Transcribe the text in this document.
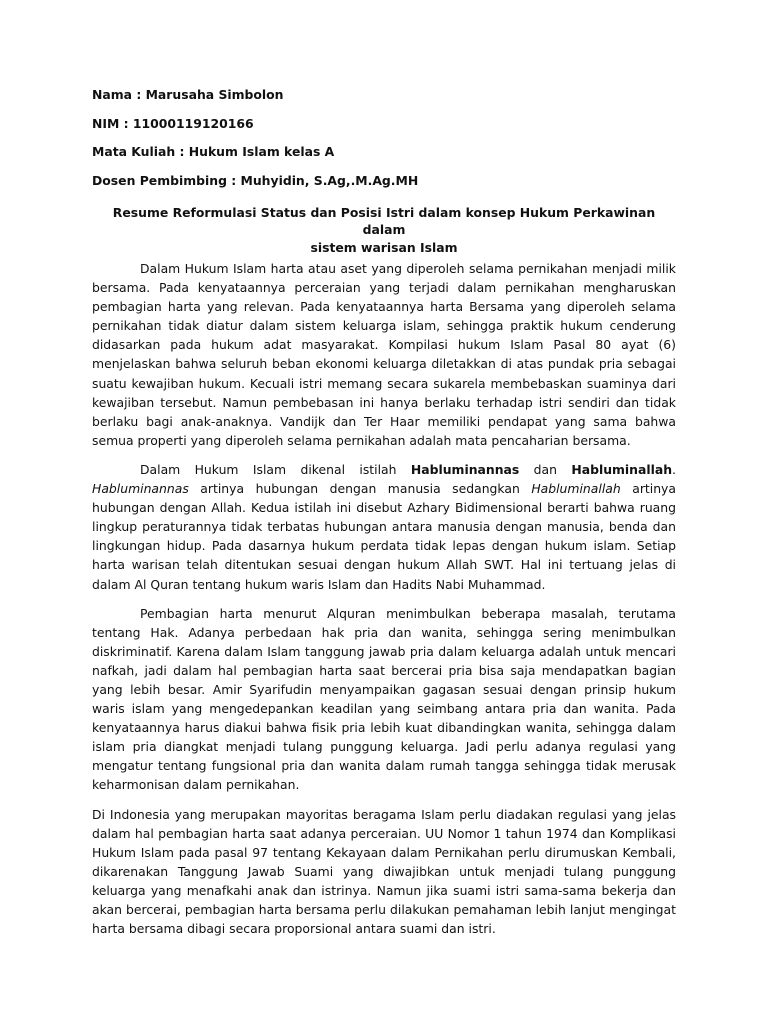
Nama : Marusaha Simbolon
NIM : 11000119120166
Mata Kuliah : Hukum Islam kelas A
Dosen Pembimbing : Muhyidin, S.Ag,.M.Ag.MH
Resume Reformulasi Status dan Posisi Istri dalam konsep Hukum Perkawinan dalam
sistem warisan Islam

Dalam Hukum Islam harta atau aset yang diperoleh selama pernikahan menjadi milik bersama. Pada kenyataannya perceraian yang terjadi dalam pernikahan mengharuskan pembagian harta yang relevan. Pada kenyataannya harta Bersama yang diperoleh selama pernikahan tidak diatur dalam sistem keluarga islam, sehingga praktik hukum cenderung didasarkan pada hukum adat masyarakat. Kompilasi hukum Islam Pasal 80 ayat (6) menjelaskan bahwa seluruh beban ekonomi keluarga diletakkan di atas pundak pria sebagai suatu kewajiban hukum. Kecuali istri memang secara sukarela membebaskan suaminya dari kewajiban tersebut. Namun pembebasan ini hanya berlaku terhadap istri sendiri dan tidak berlaku bagi anak-anaknya. Vandijk dan Ter Haar memiliki pendapat yang sama bahwa semua properti yang diperoleh selama pernikahan adalah mata pencaharian bersama.

Dalam Hukum Islam dikenal istilah Habluminannas dan Habluminallah. Habluminannas artinya hubungan dengan manusia sedangkan Habluminallah artinya hubungan dengan Allah. Kedua istilah ini disebut Azhary Bidimensional berarti bahwa ruang lingkup peraturannya tidak terbatas hubungan antara manusia dengan manusia, benda dan lingkungan hidup. Pada dasarnya hukum perdata tidak lepas dengan hukum islam. Setiap harta warisan telah ditentukan sesuai dengan hukum Allah SWT. Hal ini tertuang jelas di dalam Al Quran tentang hukum waris Islam dan Hadits Nabi Muhammad.

Pembagian harta menurut Alquran menimbulkan beberapa masalah, terutama tentang Hak. Adanya perbedaan hak pria dan wanita, sehingga sering menimbulkan diskriminatif. Karena dalam Islam tanggung jawab pria dalam keluarga adalah untuk mencari nafkah, jadi dalam hal pembagian harta saat bercerai pria bisa saja mendapatkan bagian yang lebih besar. Amir Syarifudin menyampaikan gagasan sesuai dengan prinsip hukum waris islam yang mengedepankan keadilan yang seimbang antara pria dan wanita. Pada kenyataannya harus diakui bahwa fisik pria lebih kuat dibandingkan wanita, sehingga dalam islam pria diangkat menjadi tulang punggung keluarga. Jadi perlu adanya regulasi yang mengatur tentang fungsional pria dan wanita dalam rumah tangga sehingga tidak merusak keharmonisan dalam pernikahan.

Di Indonesia yang merupakan mayoritas beragama Islam perlu diadakan regulasi yang jelas dalam hal pembagian harta saat adanya perceraian. UU Nomor 1 tahun 1974 dan Komplikasi Hukum Islam pada pasal 97 tentang Kekayaan dalam Pernikahan perlu dirumuskan Kembali, dikarenakan Tanggung Jawab Suami yang diwajibkan untuk menjadi tulang punggung keluarga yang menafkahi anak dan istrinya. Namun jika suami istri sama-sama bekerja dan akan bercerai, pembagian harta bersama perlu dilakukan pemahaman lebih lanjut mengingat harta bersama dibagi secara proporsional antara suami dan istri.
